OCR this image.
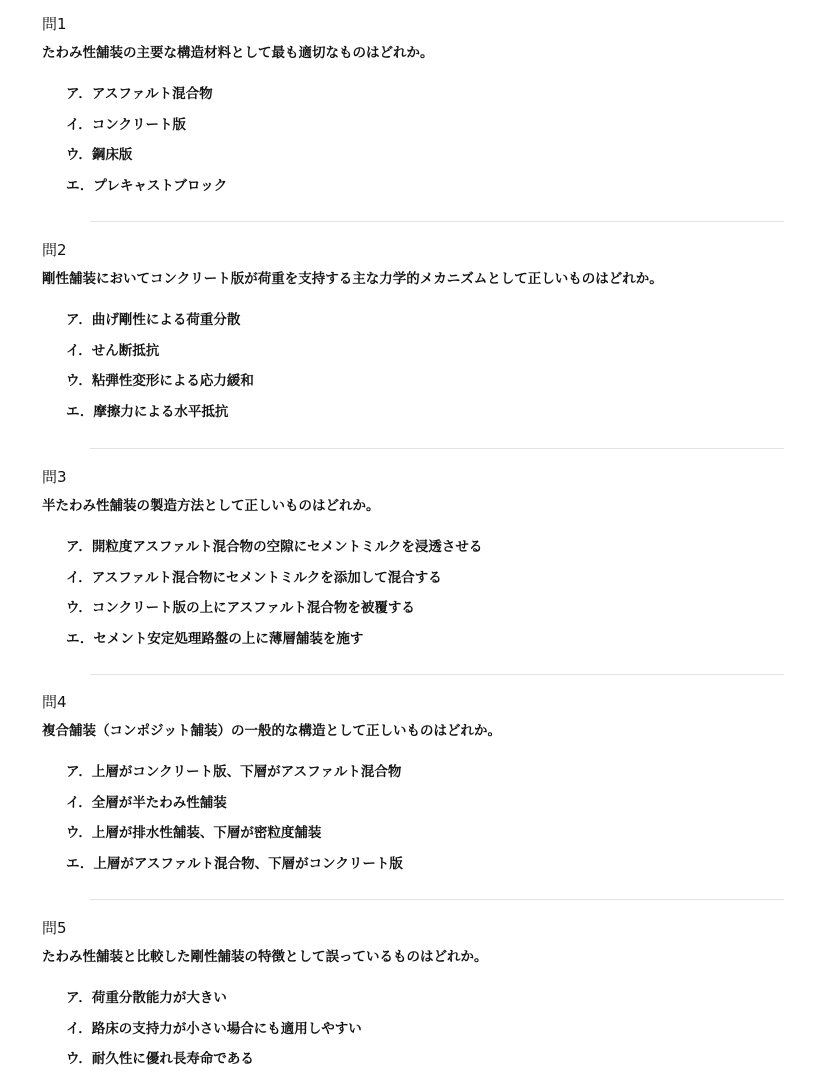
問1
たわみ性舗装の主要な構造材料として最も適切なものはどれか。
ア．アスファルト混合物
イ．コンクリート版
ウ．鋼床版
エ．プレキャストブロック
問2
剛性舗装においてコンクリート版が荷重を支持する主な力学的メカニズムとして正しいものはどれか。
ア．曲げ剛性による荷重分散
イ．せん断抵抗
ウ．粘弾性変形による応力緩和
エ．摩擦力による水平抵抗
問3
半たわみ性舗装の製造方法として正しいものはどれか。
ア．開粒度アスファルト混合物の空隙にセメントミルクを浸透させる
イ．アスファルト混合物にセメントミルクを添加して混合する
ウ．コンクリート版の上にアスファルト混合物を被覆する
エ．セメント安定処理路盤の上に薄層舗装を施す
問4
複合舗装（コンポジット舗装）の一般的な構造として正しいものはどれか。
ア．上層がコンクリート版、下層がアスファルト混合物
イ．全層が半たわみ性舗装
ウ．上層が排水性舗装、下層が密粒度舗装
エ．上層がアスファルト混合物、下層がコンクリート版
問5
たわみ性舗装と比較した剛性舗装の特徴として誤っているものはどれか。
ア．荷重分散能力が大きい
イ．路床の支持力が小さい場合にも適用しやすい
ウ．耐久性に優れ長寿命である
